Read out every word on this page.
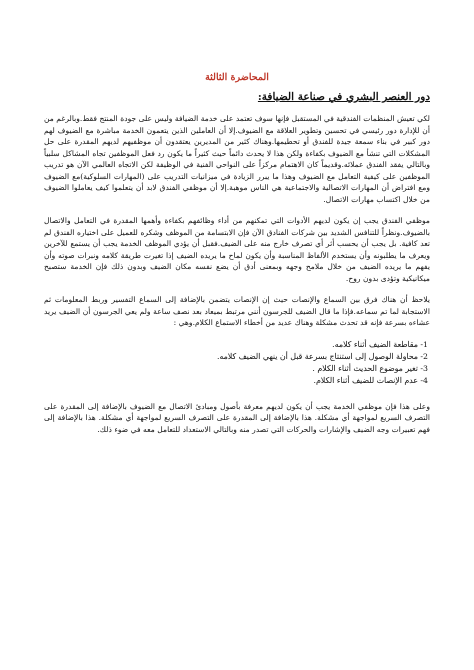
المحاضرة الثالثة
دور العنصر البشري في صناعة الضيافة:

لكي تعيش المنظمات الفندقية في المستقبل فإنها سوف تعتمد على خدمة الضيافة وليس على جودة المنتج فقط.وبالرغم من أن للإدارة دور رئيسي في تحسين وتطوير العلاقة مع الضيوف.إلا أن العاملين الذين يتعمون الخدمة مباشرة مع الضيوف لهم دور كبير في بناء سمعة جيدة للفندق أو تحطيمها.وهناك كثير من المديرين يعتقدون أن موظفيهم لديهم المقدرة على حل المشكلات التي تنشأ مع الضيوف بكفاءة ولكن هذا لا يحدث دائماً حيث كثيراً ما يكون رد فعل الموظفين تجاه المشاكل سلبياً وبالتالي يفقد الفندق عملائه.وقديماً كان الاهتمام مركزاً على النواحي الفنية في الوظيفة لكن الاتجاه العالمي الآن هو تدريب الموظفين على كيفية التعامل مع الضيوف وهذا ما يبرر الزيادة في ميزانيات التدريب على (المهارات السلوكية)مع الضيوف ومع افتراض أن المهارات الاتصالية والاجتماعية هي الناس موهبة.إلا أن موظفي الفندق لابد أن يتعلموا كيف يعاملوا الضيوف من خلال اكتساب مهارات الاتصال.

موظفي الفندق يجب إن يكون لديهم الأدوات التي تمكنهم من أداء وظائفهم بكفاءة وأهمها المقدرة في التعامل والاتصال بالضيوف.ونظراً للتنافس الشديد بين شركات الفنادق الآن فإن الابتسامة من الموظف وشكره للعميل على اختياره الفندق لم تعد كافية. بل يجب أن يحسب أثر أي تصرف خارج منه على الضيف.فقبل أن يؤدي الموظف الخدمة يجب أن يستمع للآخرين ويعرف ما يطلبونه وأن يستخدم الألفاظ المناسبة وأن يكون لماح ما يريده الضيف إذا تغيرت طريقة كلامه ونبرات صوته وأن يفهم ما يريده الضيف من خلال ملامح وجهه وبمعنى أدق أن يضع نفسه مكان الضيف وبدون ذلك فإن الخدمة ستصبح ميكانيكية وتؤدى بدون روح.

يلاحظ أن هناك فرق بين السماع والإنصات حيث إن الإنصات يتضمن بالإضافة إلى السماع التفسير وربط المعلومات ثم الاستجابة لما تم سماعه.فإذا ما قال الضيف للجرسون أنني مرتبط بميعاد بعد نصف ساعة ولم يعي الجرسون أن الضيف يريد عشاءه بسرعة فإنه قد تحدث مشكلة وهناك عديد من أخطاء الاستماع الكلام.وهي :

1- مقاطعة الضيف أثناء كلامه.
2- محاولة الوصول إلى استنتاج بسرعة قبل أن ينهي الضيف كلامه.
3- تغير موضوع الحديث أثناء الكلام .
4- عدم الإنصات للضيف أثناء الكلام.

وعلى هذا فإن موظفي الخدمة يجب أن يكون لديهم معرفة بأصول ومبادئ الاتصال مع الضيوف بالإضافة إلى المقدرة على التصرف السريع لمواجهة أي مشكلة. هذا بالإضافة إلى المقدرة على التصرف السريع لمواجهة أي مشكلة. هذا بالإضافة إلى فهم تعبيرات وجه الضيف والإشارات والحركات التي تصدر منه وبالتالي الاستعداد للتعامل معه في ضوء ذلك.
